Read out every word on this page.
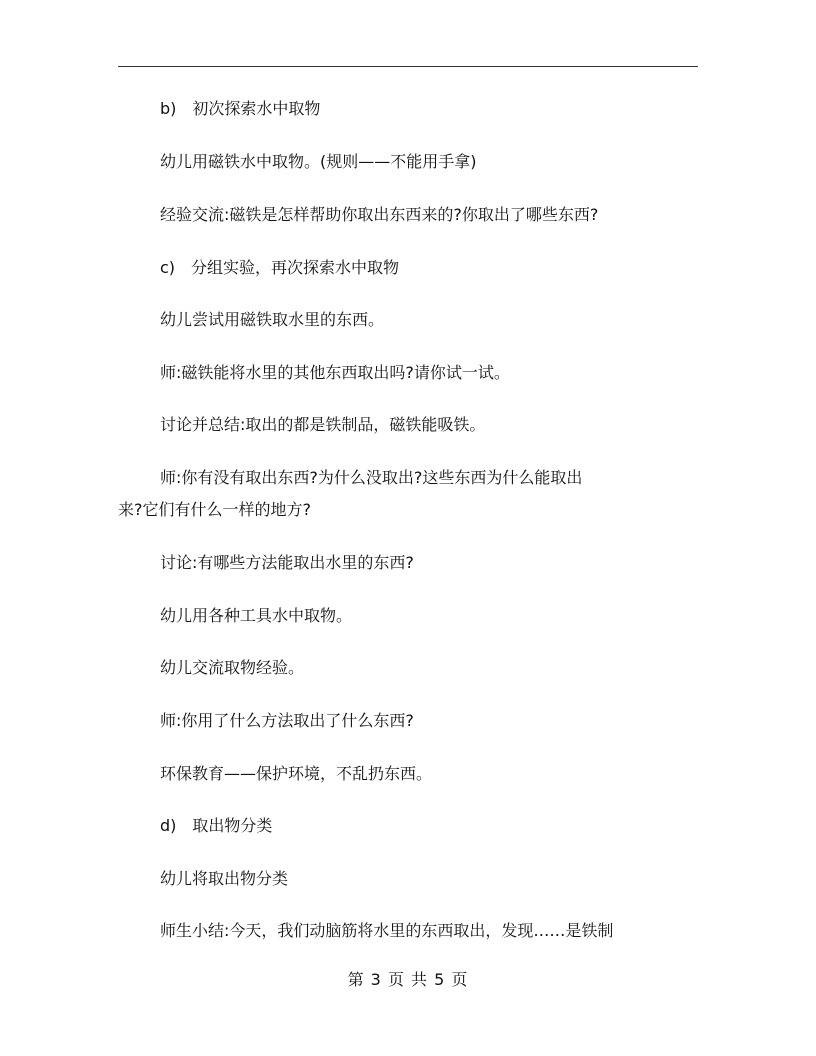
b)　初次探索水中取物

幼儿用磁铁水中取物。(规则——不能用手拿)

经验交流:磁铁是怎样帮助你取出东西来的?你取出了哪些东西?

c)　分组实验，再次探索水中取物

幼儿尝试用磁铁取水里的东西。

师:磁铁能将水里的其他东西取出吗?请你试一试。

讨论并总结:取出的都是铁制品，磁铁能吸铁。

师:你有没有取出东西?为什么没取出?这些东西为什么能取出

来?它们有什么一样的地方?

讨论:有哪些方法能取出水里的东西?

幼儿用各种工具水中取物。

幼儿交流取物经验。

师:你用了什么方法取出了什么东西?

环保教育——保护环境，不乱扔东西。

d)　取出物分类

幼儿将取出物分类

师生小结:今天，我们动脑筋将水里的东西取出，发现……是铁制

第 3 页 共 5 页
